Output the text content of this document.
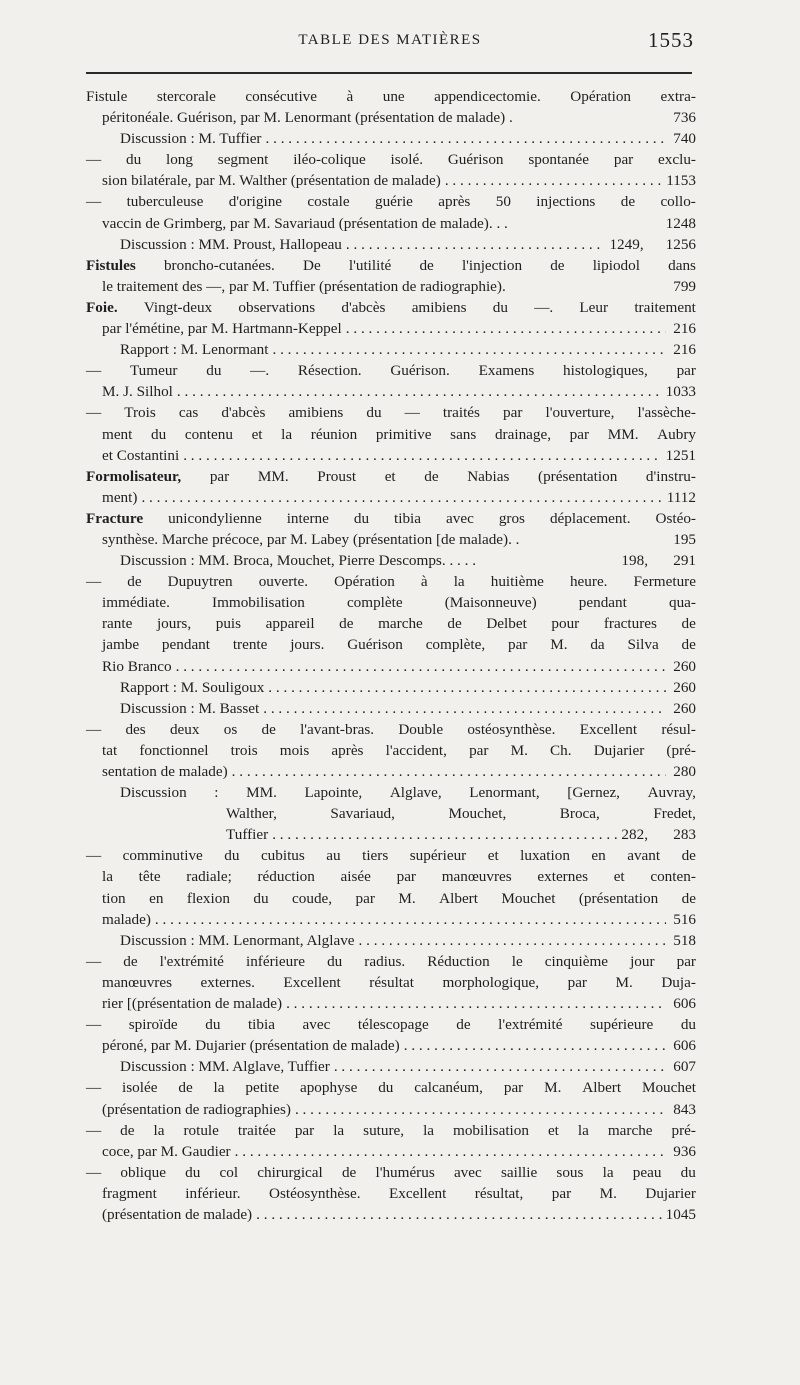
TABLE DES MATIÈRES	1553
Fistule stercorale consécutive à une appendicectomie. Opération extra-
péritonéale. Guérison, par M. Lenormant (présentation de malade) .	736
Discussion : M. Tuffier . . .	740
— du long segment iléo-colique isolé. Guérison spontanée par exclu-
sion bilatérale, par M. Walther (présentation de malade) . . .	1153
— tuberculeuse d'origine costale guérie après 50 injections de collo-
vaccin de Grimberg, par M. Savariaud (présentation de malade). . .	1248
Discussion : MM. Proust, Hallopeau . . .	1249, 1256
Fistules broncho-cutanées. De l'utilité de l'injection de lipiodol dans
le traitement des —, par M. Tuffier (présentation de radiographie).	799
Foie. Vingt-deux observations d'abcès amibiens du —. Leur traitement
par l'émétine, par M. Hartmann-Keppel . . .	216
Rapport : M. Lenormant . . .	216
— Tumeur du —. Résection. Guérison. Examens histologiques, par
M. J. Silhol . . .	1033
— Trois cas d'abcès amibiens du — traités par l'ouverture, l'assèche-
ment du contenu et la réunion primitive sans drainage, par MM. Aubry
et Costantini . . .	1251
Formolisateur, par MM. Proust et de Nabias (présentation d'instru-
ment) . . .	1112
Fracture unicondylienne interne du tibia avec gros déplacement. Ostéo-
synthèse. Marche précoce, par M. Labey (présentation [de malade). .	195
Discussion : MM. Broca, Mouchet, Pierre Descomps. . . . .	198, 291
— de Dupuytren ouverte. Opération à la huitième heure. Fermeture
immédiate.	Immobilisation	complète	(Maisonneuve)	pendant	qua-
rante jours, puis appareil de marche de Delbet pour fractures de
jambe pendant trente jours. Guérison complète, par M. da Silva de
Rio Branco . . .	260
Rapport : M. Souligoux . . .	260
Discussion : M. Basset . . .	260
— des deux os de l'avant-bras. Double ostéosynthèse. Excellent résul-
tat fonctionnel trois mois après l'accident, par M. Ch. Dujarier (pré-
sentation de malade) . . .	280
Discussion : MM. Lapointe, Alglave, Lenormant, [Gernez, Auvray,
Walther,	Savariaud,	Mouchet,	Broca,	Fredet,
Tuffier . . .	282, 283
— comminutive du cubitus au tiers supérieur et luxation en avant de
la tête radiale; réduction aisée par manœuvres externes et conten-
tion en flexion du coude, par M. Albert Mouchet (présentation de
malade) . . .	516
Discussion : MM. Lenormant, Alglave . . .	518
— de l'extrémité inférieure du radius. Réduction le cinquième jour par
manœuvres externes. Excellent résultat morphologique, par M. Duja-
rier [(présentation de malade) . . .	606
— spiroïde du tibia avec télescopage de l'extrémité supérieure du
péroné, par M. Dujarier (présentation de malade) . . .	606
Discussion : MM. Alglave, Tuffier . . .	607
— isolée de la petite apophyse du calcanéum, par M. Albert Mouchet
(présentation de radiographies) . . .	843
— de la rotule traitée par la suture, la mobilisation et la marche pré-
coce, par M. Gaudier . . .	936
— oblique du col chirurgical de l'humérus avec saillie sous la peau du
fragment inférieur. Ostéosynthèse. Excellent résultat, par M. Dujarier
(présentation de malade) . . .	1045
